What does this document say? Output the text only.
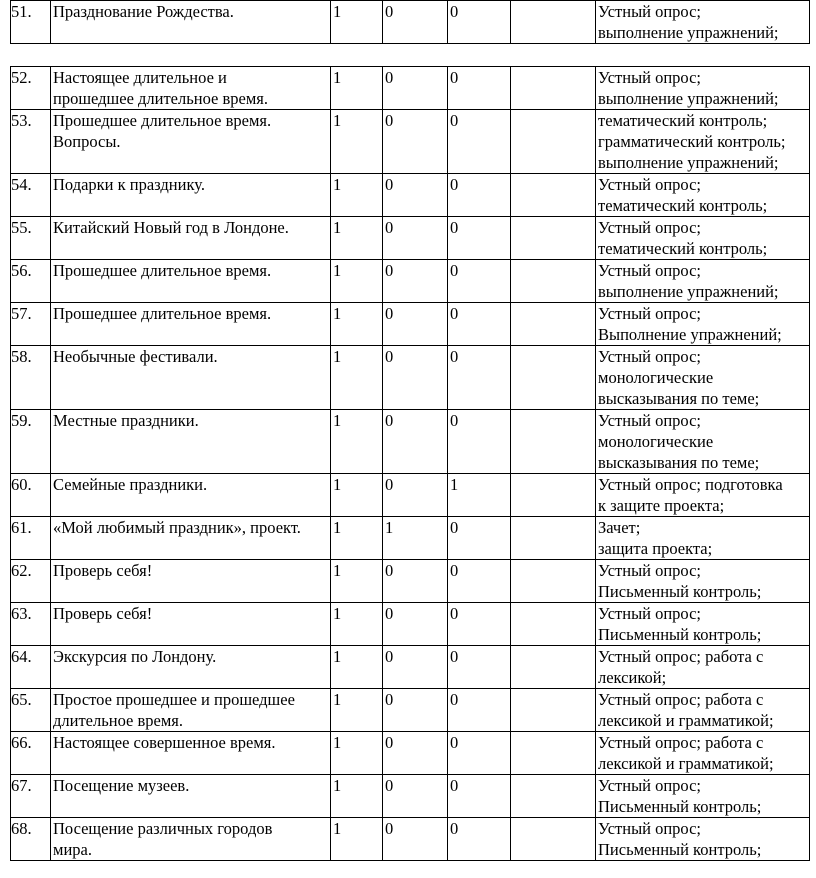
51.	Празднование Рождества.	1	0	0		Устный опрос;
выполнение упражнений;
52.	Настоящее длительное и
прошедшее длительное время.	1	0	0		Устный опрос;
выполнение упражнений;

53.	Прошедшее длительное время.
Вопросы.	1	0	0		тематический контроль;
грамматический контроль;
выполнение упражнений;

54.	Подарки к празднику.	1	0	0		Устный опрос;
тематический контроль;

55.	Китайский Новый год в Лондоне.	1	0	0		Устный опрос;
тематический контроль;

56.	Прошедшее длительное время.	1	0	0		Устный опрос;
выполнение упражнений;

57.	Прошедшее длительное время.	1	0	0		Устный опрос;
Выполнение упражнений;

58.	Необычные фестивали.	1	0	0		Устный опрос;
монологические
высказывания по теме;

59.	Местные праздники.	1	0	0		Устный опрос;
монологические
высказывания по теме;

60.	Семейные праздники.	1	0	1		Устный опрос; подготовка
к защите проекта;

61.	«Мой любимый праздник», проект.	1	1	0		Зачет;
защита проекта;

62.	Проверь себя!	1	0	0		Устный опрос;
Письменный контроль;

63.	Проверь себя!	1	0	0		Устный опрос;
Письменный контроль;

64.	Экскурсия по Лондону.	1	0	0		Устный опрос; работа с
лексикой;

65.	Простое прошедшее и прошедшее
длительное время.	1	0	0		Устный опрос; работа с
лексикой и грамматикой;

66.	Настоящее совершенное время.	1	0	0		Устный опрос; работа с
лексикой и грамматикой;

67.	Посещение музеев.	1	0	0		Устный опрос;
Письменный контроль;

68.	Посещение различных городов
мира.	1	0	0		Устный опрос;
Письменный контроль;
